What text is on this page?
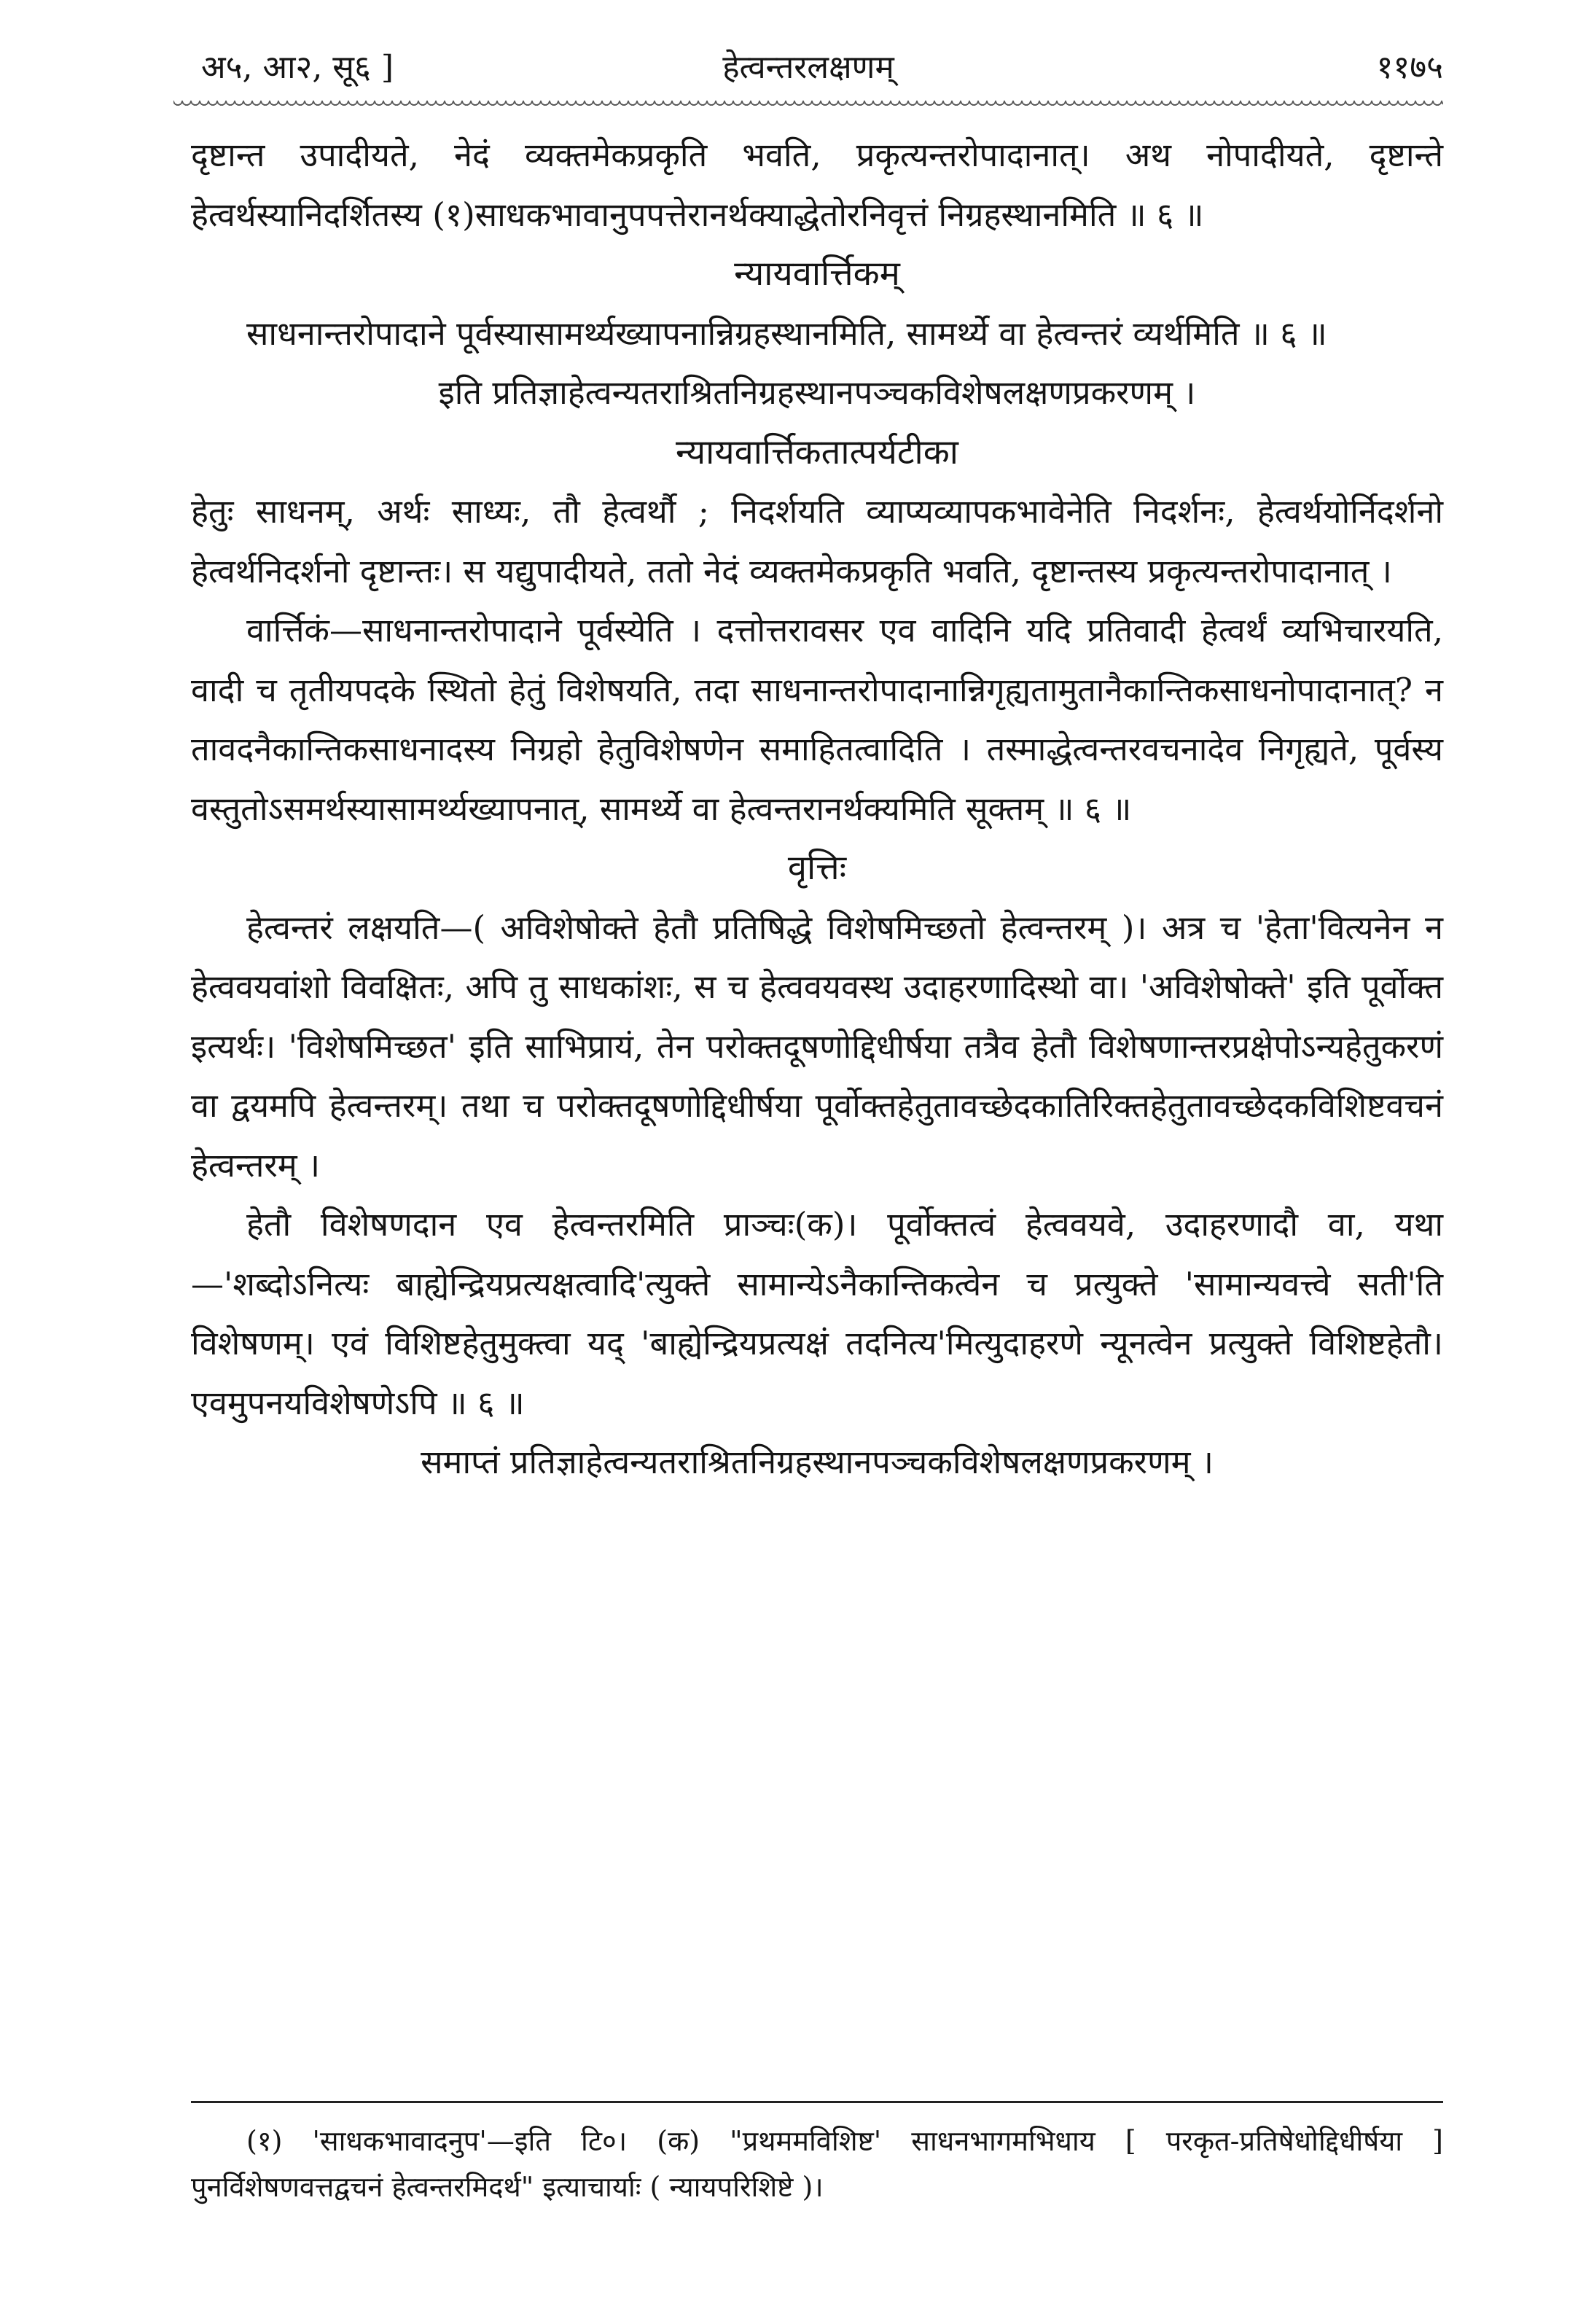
अ५, आ२, सू६ ]	हेत्वन्तरलक्षणम्	११७५

दृष्टान्त उपादीयते, नेदं व्यक्तमेकप्रकृति भवति, प्रकृत्यन्तरोपादानात्। अथ नोपादीयते, दृष्टान्ते हेत्वर्थस्यानिदर्शितस्य (१)साधकभावानुपपत्तेरानर्थक्याद्धेतोरनिवृत्तं निग्रहस्थानमिति ॥ ६ ॥

न्यायवार्त्तिकम्

साधनान्तरोपादाने पूर्वस्यासामर्थ्यख्यापनान्निग्रहस्थानमिति, सामर्थ्ये वा हेत्वन्तरं व्यर्थमिति ॥ ६ ॥

इति प्रतिज्ञाहेत्वन्यतराश्रितनिग्रहस्थानपञ्चकविशेषलक्षणप्रकरणम् ।

न्यायवार्त्तिकतात्पर्यटीका

हेतुः साधनम्, अर्थः साध्यः, तौ हेत्वर्थौ ; निदर्शयति व्याप्यव्यापकभावेनेति निदर्शनः, हेत्वर्थयोर्निदर्शनो हेत्वर्थनिदर्शनो दृष्टान्तः। स यद्युपादीयते, ततो नेदं व्यक्तमेकप्रकृति भवति, दृष्टान्तस्य प्रकृत्यन्तरोपादानात् ।

वार्त्तिकं—साधनान्तरोपादाने पूर्वस्येति । दत्तोत्तरावसर एव वादिनि यदि प्रतिवादी हेत्वर्थं व्यभिचारयति, वादी च तृतीयपदके स्थितो हेतुं विशेषयति, तदा साधनान्तरोपादानान्निगृह्यतामुतानैकान्तिकसाधनोपादानात्? न तावदनैकान्तिकसाधनादस्य निग्रहो हेतुविशेषणेन समाहितत्वादिति । तस्माद्धेत्वन्तरवचनादेव निगृह्यते, पूर्वस्य वस्तुतोऽसमर्थस्यासामर्थ्यख्यापनात्, सामर्थ्ये वा हेत्वन्तरानर्थक्यमिति सूक्तम् ॥ ६ ॥

वृत्तिः

हेत्वन्तरं लक्षयति—( अविशेषोक्ते हेतौ प्रतिषिद्धे विशेषमिच्छतो हेत्वन्तरम् )। अत्र च 'हेता'वित्यनेन न हेत्ववयवांशो विवक्षितः, अपि तु साधकांशः, स च हेत्ववयवस्थ उदाहरणादिस्थो वा। 'अविशेषोक्ते' इति पूर्वोक्त इत्यर्थः। 'विशेषमिच्छत' इति साभिप्रायं, तेन परोक्तदूषणोद्दिधीर्षया तत्रैव हेतौ विशेषणान्तरप्रक्षेपोऽन्यहेतुकरणं वा द्वयमपि हेत्वन्तरम्। तथा च परोक्तदूषणोद्दिधीर्षया पूर्वोक्तहेतुतावच्छेदकातिरिक्तहेतुतावच्छेदकविशिष्टवचनं हेत्वन्तरम् ।

हेतौ विशेषणदान एव हेत्वन्तरमिति प्राञ्चः(क)। पूर्वोक्तत्वं हेत्ववयवे, उदाहरणादौ वा, यथा—'शब्दोऽनित्यः बाह्येन्द्रियप्रत्यक्षत्वादि'त्युक्ते सामान्येऽनैकान्तिकत्वेन च प्रत्युक्ते 'सामान्यवत्त्वे सती'ति विशेषणम्। एवं विशिष्टहेतुमुक्त्वा यद् 'बाह्येन्द्रियप्रत्यक्षं तदनित्य'मित्युदाहरणे न्यूनत्वेन प्रत्युक्ते विशिष्टहेतौ। एवमुपनयविशेषणेऽपि ॥ ६ ॥

समाप्तं प्रतिज्ञाहेत्वन्यतराश्रितनिग्रहस्थानपञ्चकविशेषलक्षणप्रकरणम् ।

(१) 'साधकभावादनुप'—इति टि०। (क) "प्रथममविशिष्ट' साधनभागमभिधाय [ परकृत-प्रतिषेधोद्दिधीर्षया ] पुनर्विशेषणवत्तद्वचनं हेत्वन्तरमिदर्थ" इत्याचार्याः ( न्यायपरिशिष्टे )।
